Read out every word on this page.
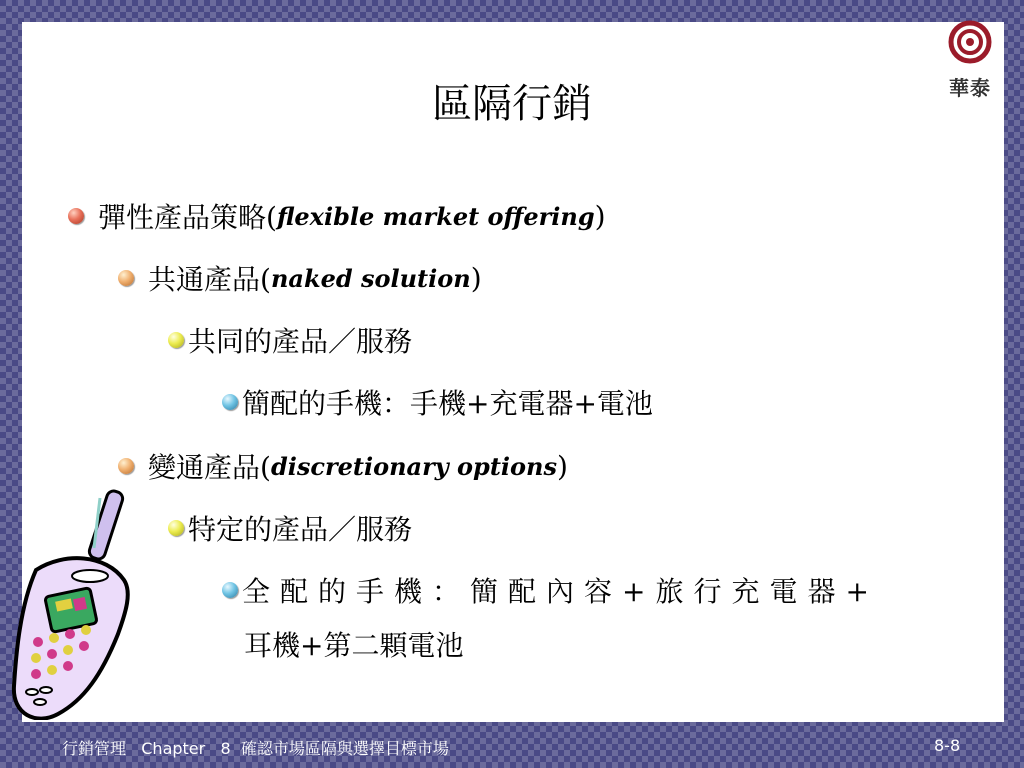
華泰
區隔行銷
彈性產品策略( flexible market offering )
共通產品( naked solution )
共同的產品／服務
簡配的手機：手機+充電器+電池
變通產品( discretionary options )
特定的產品／服務
全配的手機：簡配內容+旅行充電器+
耳機+第二顆電池
行銷管理   Chapter   8  確認市場區隔與選擇目標市場	8-8
